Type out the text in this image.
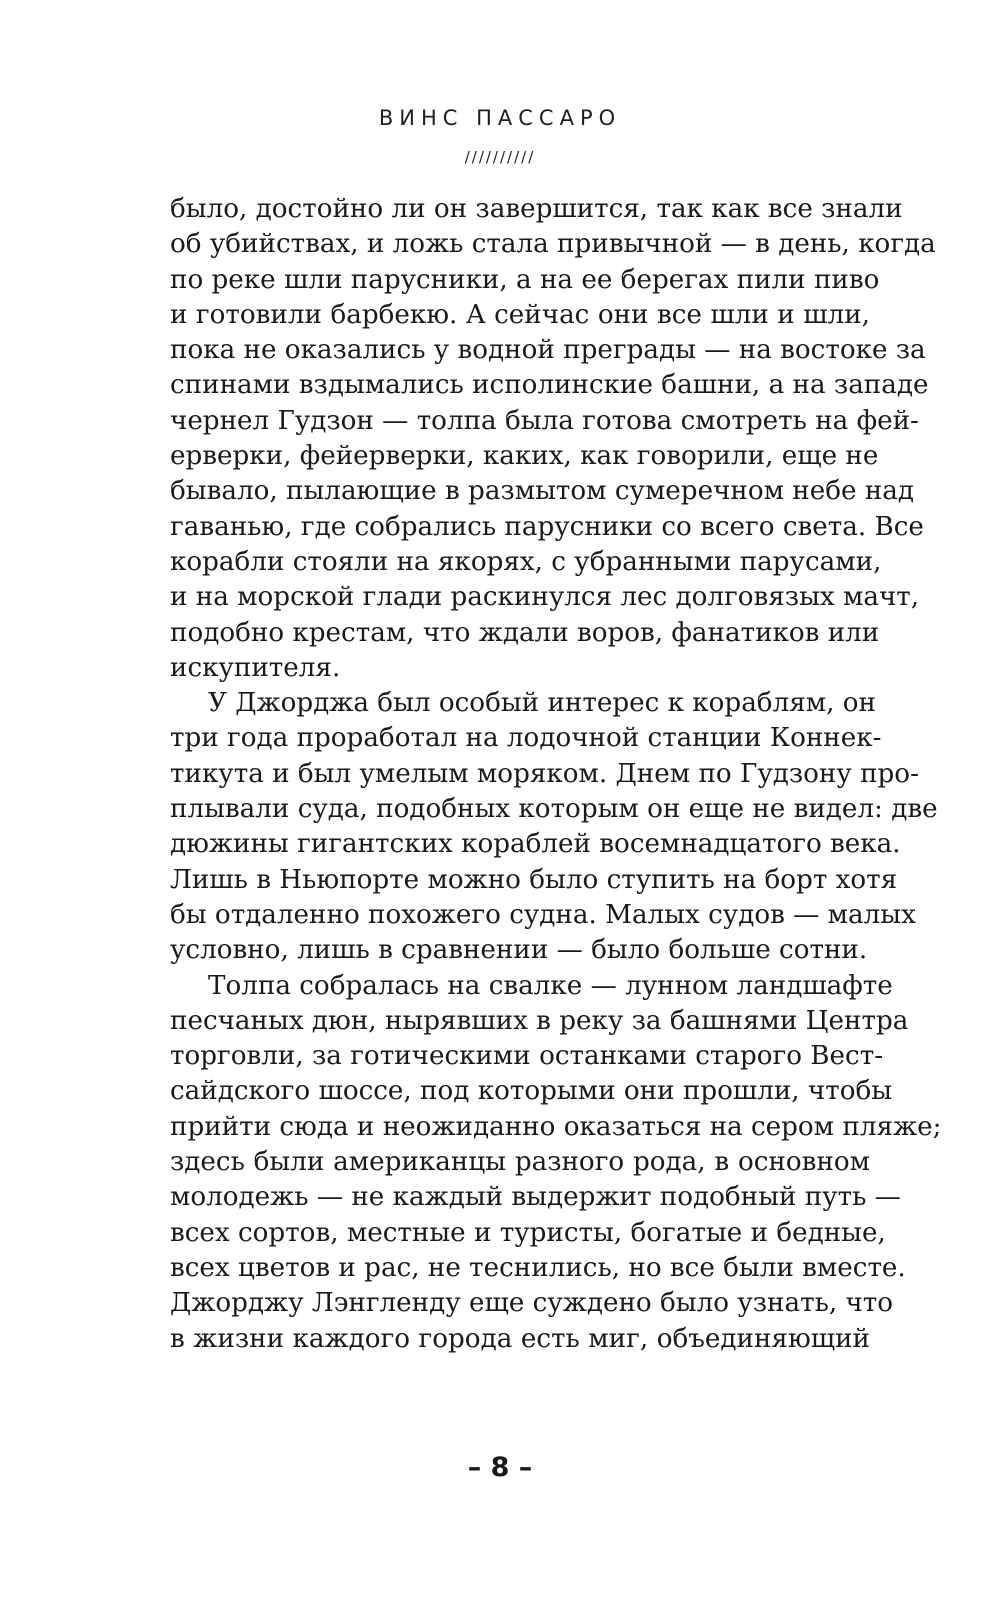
ВИНС ПАССАРО
//////////
было, достойно ли он завершится, так как все знали
об убийствах, и ложь стала привычной — в день, когда
по реке шли парусники, а на ее берегах пили пиво
и готовили барбекю. А сейчас они все шли и шли,
пока не оказались у водной преграды — на востоке за
спинами вздымались исполинские башни, а на западе
чернел Гудзон — толпа была готова смотреть на фей-
ерверки, фейерверки, каких, как говорили, еще не
бывало, пылающие в размытом сумеречном небе над
гаванью, где собрались парусники со всего света. Все
корабли стояли на якорях, с убранными парусами,
и на морской глади раскинулся лес долговязых мачт,
подобно крестам, что ждали воров, фанатиков или
искупителя.
У Джорджа был особый интерес к кораблям, он
три года проработал на лодочной станции Коннек-
тикута и был умелым моряком. Днем по Гудзону про-
плывали суда, подобных которым он еще не видел: две
дюжины гигантских кораблей восемнадцатого века.
Лишь в Ньюпорте можно было ступить на борт хотя
бы отдаленно похожего судна. Малых судов — малых
условно, лишь в сравнении — было больше сотни.
Толпа собралась на свалке — лунном ландшафте
песчаных дюн, нырявших в реку за башнями Центра
торговли, за готическими останками старого Вест-
сайдского шоссе, под которыми они прошли, чтобы
прийти сюда и неожиданно оказаться на сером пляже;
здесь были американцы разного рода, в основном
молодежь — не каждый выдержит подобный путь —
всех сортов, местные и туристы, богатые и бедные,
всех цветов и рас, не теснились, но все были вместе.
Джорджу Лэнгленду еще суждено было узнать, что
в жизни каждого города есть миг, объединяющий
– 8 –
